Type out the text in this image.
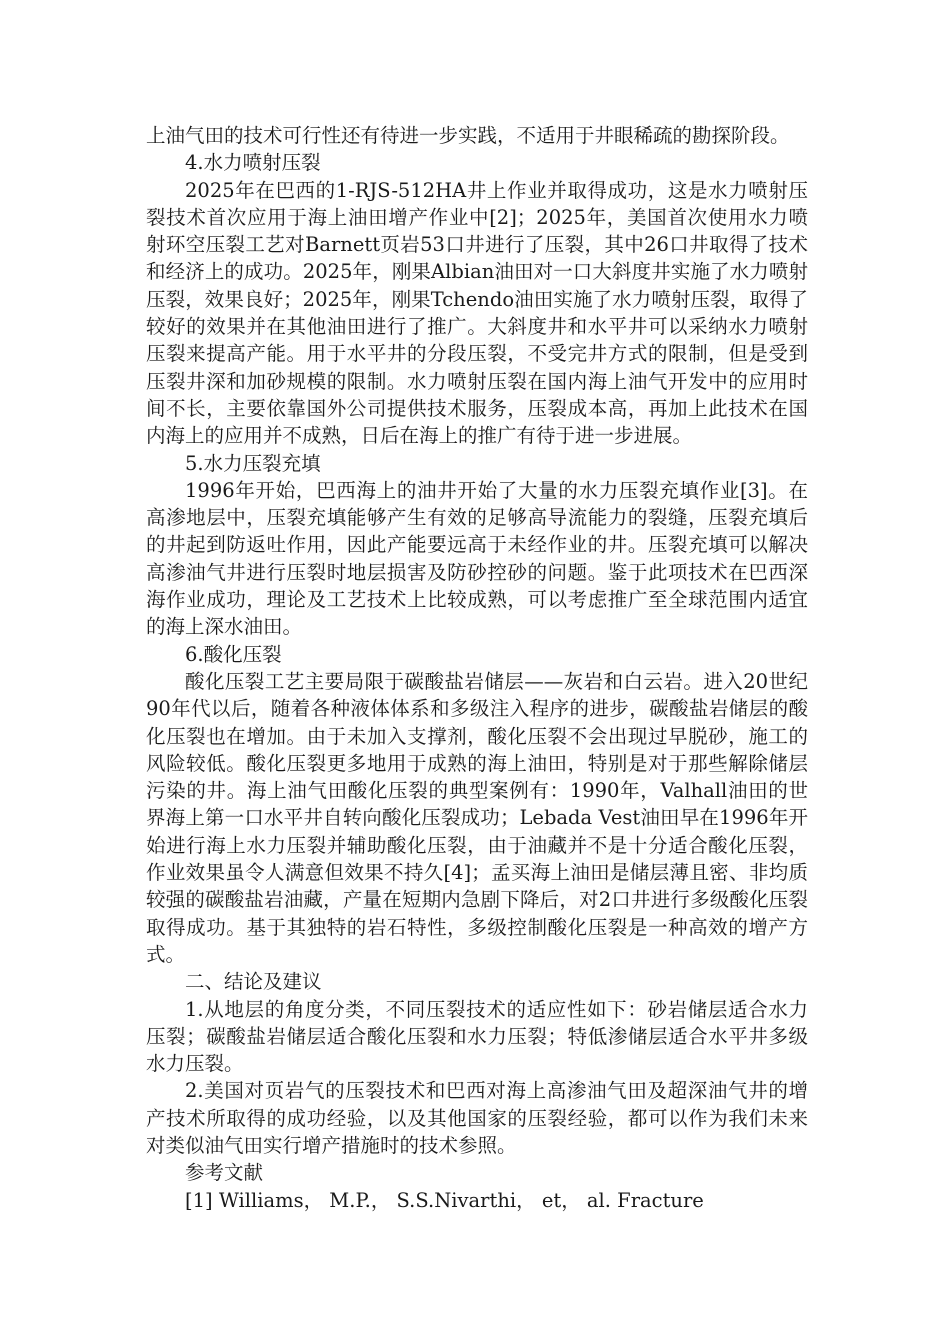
上油气田的技术可行性还有待进一步实践，不适用于井眼稀疏的勘探阶段。

4.水力喷射压裂

2025年在巴西的1-RJS-512HA井上作业并取得成功，这是水力喷射压裂技术首次应用于海上油田增产作业中[2]；2025年，美国首次使用水力喷射环空压裂工艺对Barnett页岩53口井进行了压裂，其中26口井取得了技术和经济上的成功。2025年，刚果Albian油田对一口大斜度井实施了水力喷射压裂，效果良好；2025年，刚果Tchendo油田实施了水力喷射压裂，取得了较好的效果并在其他油田进行了推广。大斜度井和水平井可以采纳水力喷射压裂来提高产能。用于水平井的分段压裂，不受完井方式的限制，但是受到压裂井深和加砂规模的限制。水力喷射压裂在国内海上油气开发中的应用时间不长，主要依靠国外公司提供技术服务，压裂成本高，再加上此技术在国内海上的应用并不成熟，日后在海上的推广有待于进一步进展。

5.水力压裂充填

1996年开始，巴西海上的油井开始了大量的水力压裂充填作业[3]。在高渗地层中，压裂充填能够产生有效的足够高导流能力的裂缝，压裂充填后的井起到防返吐作用，因此产能要远高于未经作业的井。压裂充填可以解决高渗油气井进行压裂时地层损害及防砂控砂的问题。鉴于此项技术在巴西深海作业成功，理论及工艺技术上比较成熟，可以考虑推广至全球范围内适宜的海上深水油田。

6.酸化压裂

酸化压裂工艺主要局限于碳酸盐岩储层——灰岩和白云岩。进入20世纪90年代以后，随着各种液体体系和多级注入程序的进步，碳酸盐岩储层的酸化压裂也在增加。由于未加入支撑剂，酸化压裂不会出现过早脱砂，施工的风险较低。酸化压裂更多地用于成熟的海上油田，特别是对于那些解除储层污染的井。海上油气田酸化压裂的典型案例有：1990年，Valhall油田的世界海上第一口水平井自转向酸化压裂成功；Lebada Vest油田早在1996年开始进行海上水力压裂并辅助酸化压裂，由于油藏并不是十分适合酸化压裂，作业效果虽令人满意但效果不持久[4]；孟买海上油田是储层薄且密、非均质较强的碳酸盐岩油藏，产量在短期内急剧下降后，对2口井进行多级酸化压裂取得成功。基于其独特的岩石特性，多级控制酸化压裂是一种高效的增产方式。

二、结论及建议

1.从地层的角度分类，不同压裂技术的适应性如下：砂岩储层适合水力压裂；碳酸盐岩储层适合酸化压裂和水力压裂；特低渗储层适合水平井多级水力压裂。

2.美国对页岩气的压裂技术和巴西对海上高渗油气田及超深油气井的增产技术所取得的成功经验，以及其他国家的压裂经验，都可以作为我们未来对类似油气田实行增产措施时的技术参照。

参考文献

[1] Williams， M.P.， S.S.Nivarthi， et， al. Fracture
